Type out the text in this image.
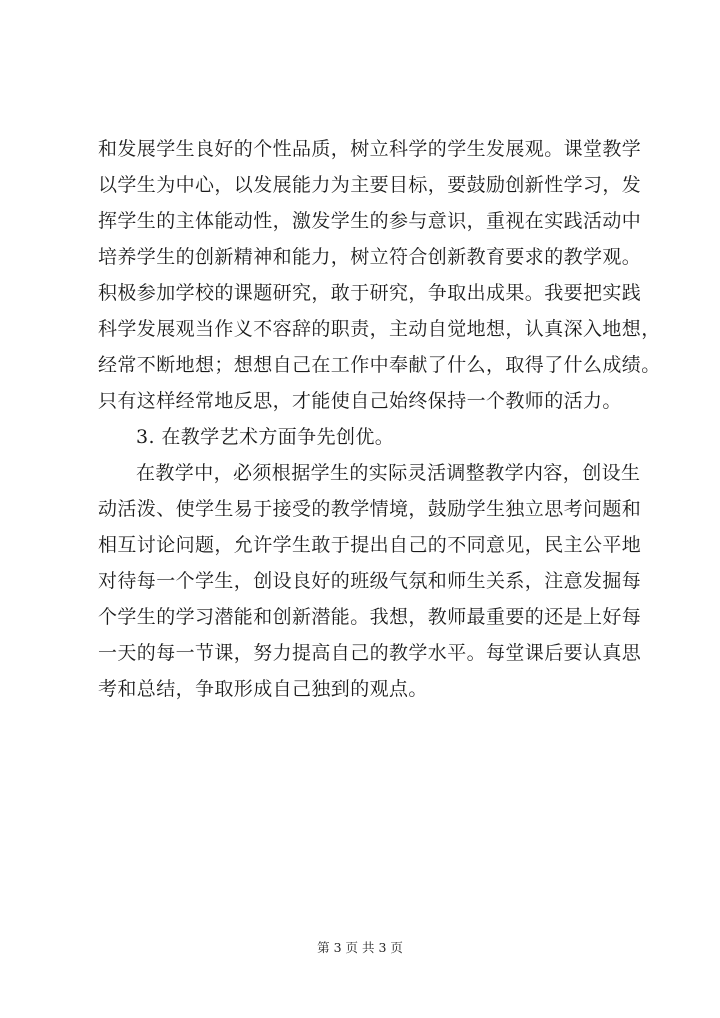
和发展学生良好的个性品质，树立科学的学生发展观。课堂教学
以学生为中心，以发展能力为主要目标，要鼓励创新性学习，发
挥学生的主体能动性，激发学生的参与意识，重视在实践活动中
培养学生的创新精神和能力，树立符合创新教育要求的教学观。
积极参加学校的课题研究，敢于研究，争取出成果。我要把实践
科学发展观当作义不容辞的职责，主动自觉地想，认真深入地想，
经常不断地想；想想自己在工作中奉献了什么，取得了什么成绩。
只有这样经常地反思，才能使自己始终保持一个教师的活力。
3. 在教学艺术方面争先创优。
在教学中，必须根据学生的实际灵活调整教学内容，创设生
动活泼、使学生易于接受的教学情境，鼓励学生独立思考问题和
相互讨论问题，允许学生敢于提出自己的不同意见，民主公平地
对待每一个学生，创设良好的班级气氛和师生关系，注意发掘每
个学生的学习潜能和创新潜能。我想，教师最重要的还是上好每
一天的每一节课，努力提高自己的教学水平。每堂课后要认真思
考和总结，争取形成自己独到的观点。
第 3 页 共 3 页
